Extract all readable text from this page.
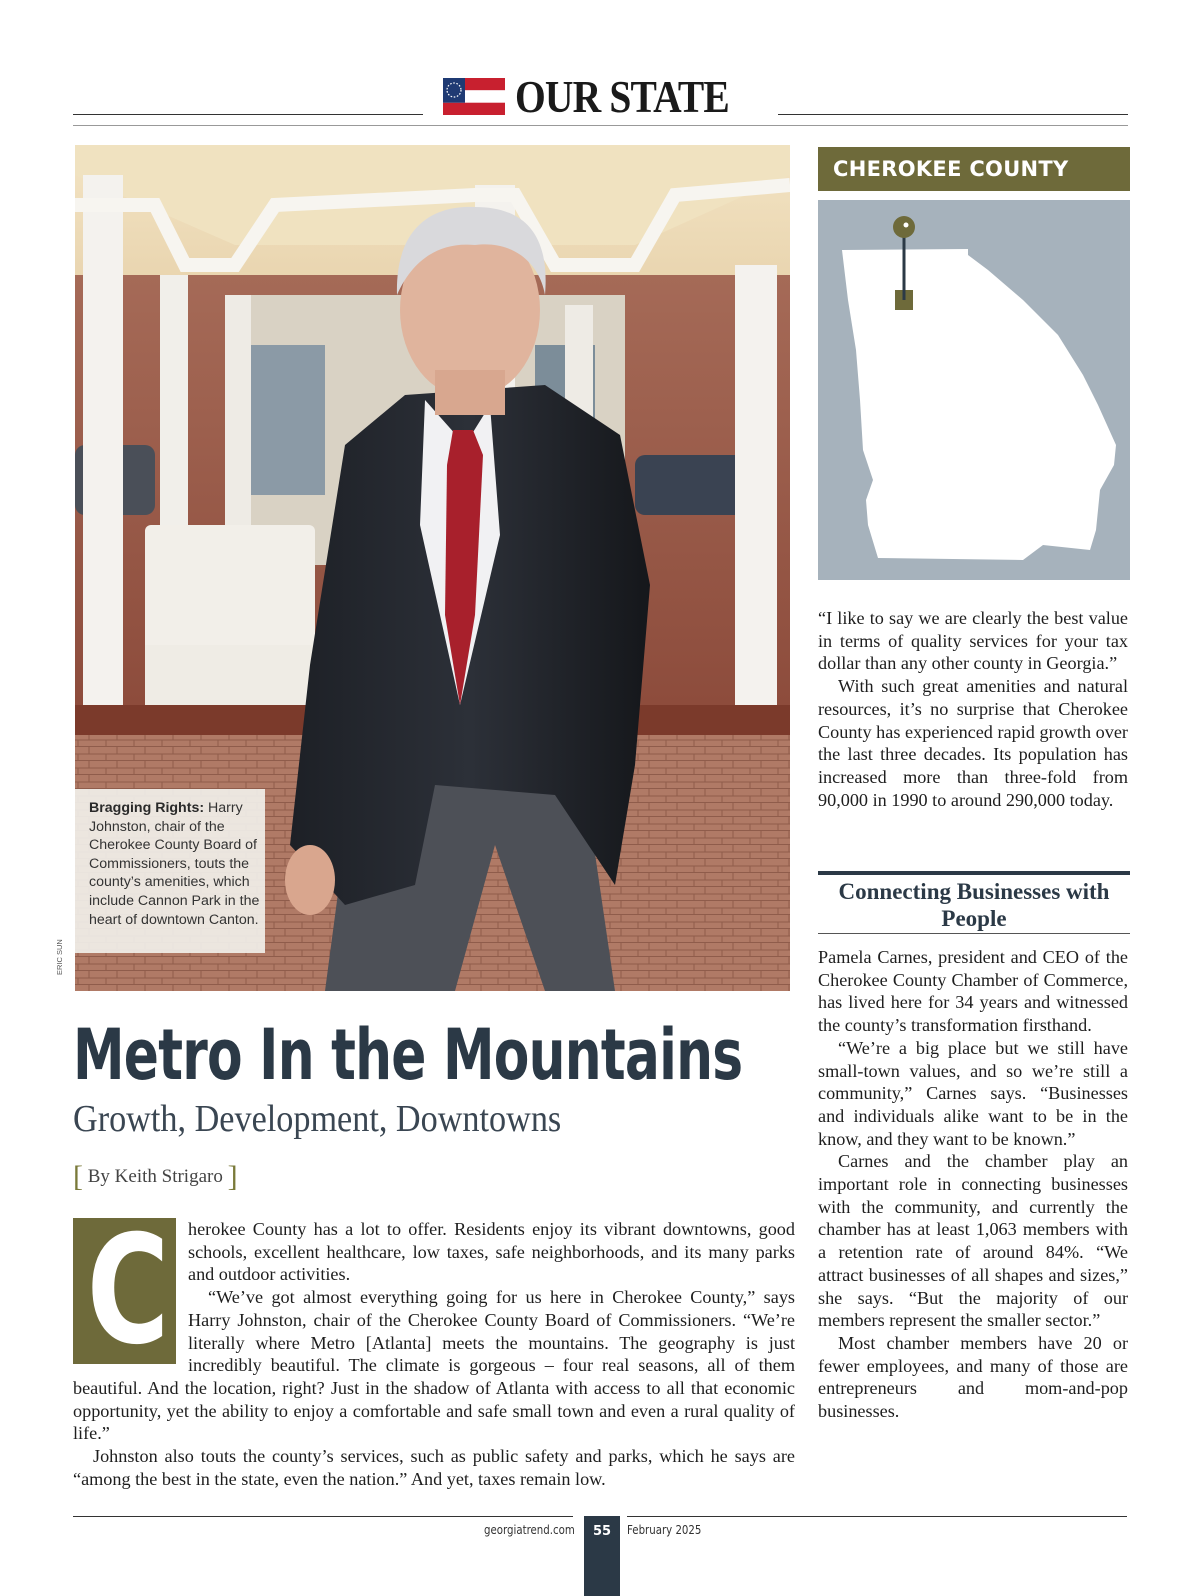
OUR STATE
Bragging Rights: Harry Johnston, chair of the Cherokee County Board of Commissioners, touts the county’s amenities, which include Cannon Park in the heart of downtown Canton.
ERIC SUN
Metro In the Mountains
Growth, Development, Downtowns
[ By Keith Strigaro ]
C	herokee County has a lot to offer. Residents enjoy its vibrant downtowns, good schools, excellent healthcare, low taxes, safe neighborhoods, and its many parks and outdoor activities.

“We’ve got almost everything going for us here in Cherokee County,” says Harry Johnston, chair of the Cherokee County Board of Commissioners. “We’re literally where Metro [Atlanta] meets the mountains. The geography is just incredibly beautiful. The climate is gorgeous – four real seasons, all of them beautiful. And the location, right? Just in the shadow of Atlanta with access to all that economic opportunity, yet the ability to enjoy a comfortable and safe small town and even a rural quality of life.”

Johnston also touts the county’s services, such as public safety and parks, which he says are “among the best in the state, even the nation.” And yet, taxes remain low.

CHEROKEE COUNTY

“I like to say we are clearly the best value in terms of quality services for your tax dollar than any other county in Georgia.”

With such great amenities and natural resources, it’s no surprise that Cherokee County has experienced rapid growth over the last three decades. Its population has increased more than three-fold from 90,000 in 1990 to around 290,000 today.

Connecting Businesses with People

Pamela Carnes, president and CEO of the Cherokee County Chamber of Commerce, has lived here for 34 years and witnessed the county’s transformation firsthand.

“We’re a big place but we still have small-town values, and so we’re still a community,” Carnes says. “Businesses and individuals alike want to be in the know, and they want to be known.”

Carnes and the chamber play an important role in connecting businesses with the community, and currently the chamber has at least 1,063 members with a retention rate of around 84%. “We attract businesses of all shapes and sizes,” she says. “But the majority of our members represent the smaller sector.”

Most chamber members have 20 or fewer employees, and many of those are entrepreneurs and mom-and-pop businesses.

georgiatrend.com	55	February 2025
